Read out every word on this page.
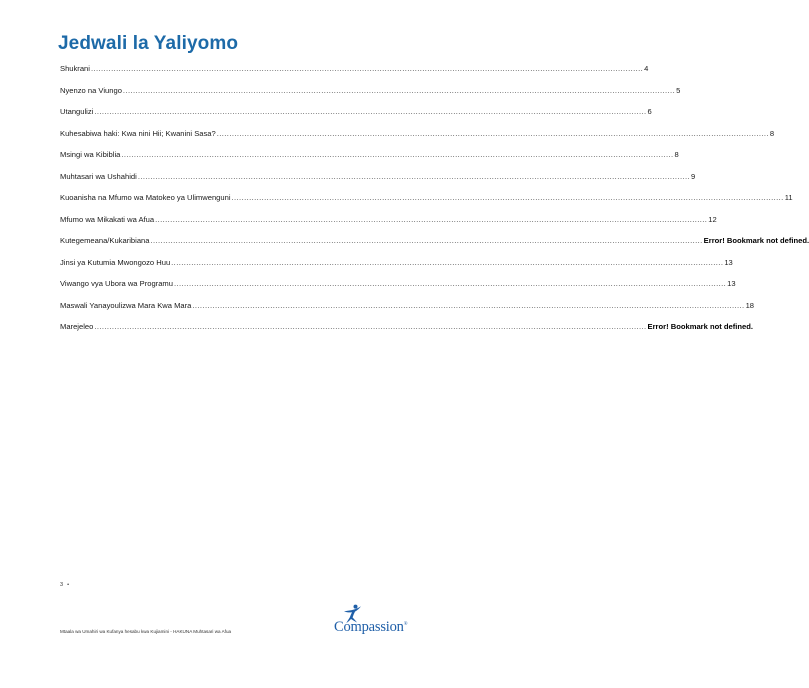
Jedwali la Yaliyomo
Shukrani ............................................................................................................................................................................................................................ 4
Nyenzo na Viungo ............................................................................................................................................................................................................................ 5
Utangulizi ............................................................................................................................................................................................................................ 6
Kuhesabiwa haki: Kwa nini Hii; Kwanini Sasa? ............................................................................................................................................................................................................................ 8
Msingi wa Kibiblia ............................................................................................................................................................................................................................ 8
Muhtasari wa Ushahidi ............................................................................................................................................................................................................................ 9
Kuoanisha na Mfumo wa Matokeo ya Ulimwenguni ............................................................................................................................................................................................................................ 11
Mfumo wa Mikakati wa Afua ............................................................................................................................................................................................................................ 12
Kutegemeana/Kukaribiana ............................................................................................................................................................................................................................ Error! Bookmark not defined.
Jinsi ya Kutumia Mwongozo Huu ............................................................................................................................................................................................................................ 13
Viwango vya Ubora wa Programu ............................................................................................................................................................................................................................ 13
Maswali Yanayoulizwa Mara Kwa Mara ............................................................................................................................................................................................................................ 18
Marejeleo ............................................................................................................................................................................................................................ Error! Bookmark not defined.
3 •
Mtaala wa Umahiri wa Kufanya hesabu kwa Kujiamini - HAKUNA Muhtasari wa Afua	Compassion®
